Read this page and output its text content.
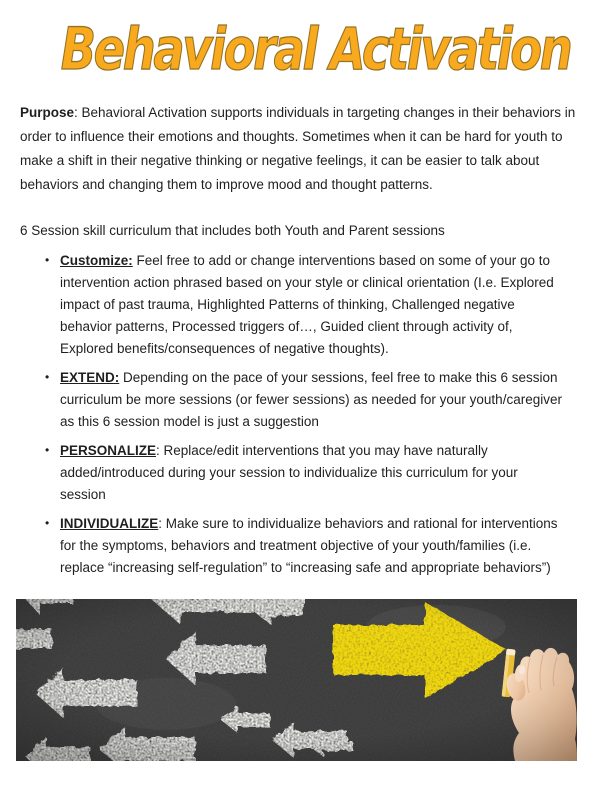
Behavioral Activation

Purpose: Behavioral Activation supports individuals in targeting changes in their behaviors in order to influence their emotions and thoughts. Sometimes when it can be hard for youth to make a shift in their negative thinking or negative feelings, it can be easier to talk about behaviors and changing them to improve mood and thought patterns.

6 Session skill curriculum that includes both Youth and Parent sessions

• Customize: Feel free to add or change interventions based on some of your go to intervention action phrased based on your style or clinical orientation (I.e. Explored impact of past trauma, Highlighted Patterns of thinking, Challenged negative behavior patterns, Processed triggers of…, Guided client through activity of, Explored benefits/consequences of negative thoughts).
• EXTEND: Depending on the pace of your sessions, feel free to make this 6 session curriculum be more sessions (or fewer sessions) as needed for your youth/caregiver as this 6 session model is just a suggestion
• PERSONALIZE: Replace/edit interventions that you may have naturally added/introduced during your session to individualize this curriculum for your session
• INDIVIDUALIZE: Make sure to individualize behaviors and rational for interventions for the symptoms, behaviors and treatment objective of your youth/families (i.e. replace “increasing self-regulation” to “increasing safe and appropriate behaviors”)
